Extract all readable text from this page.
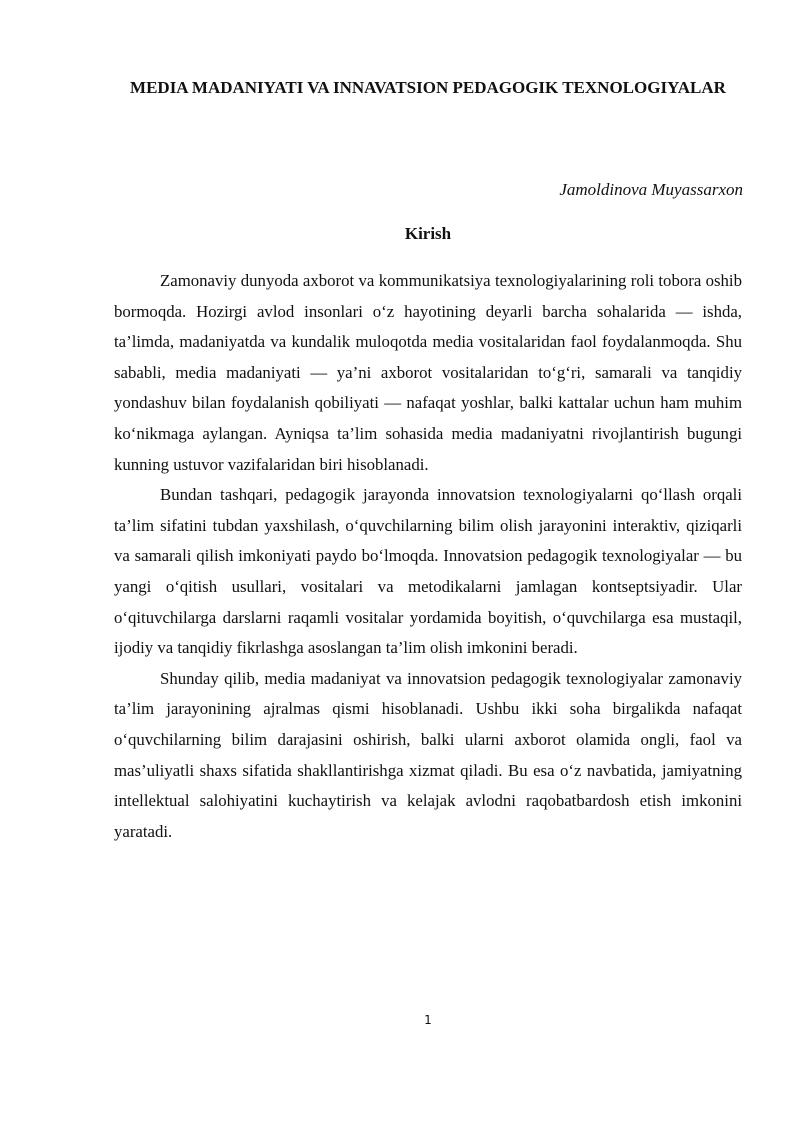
MEDIA MADANIYATI VA INNAVATSION PEDAGOGIK TEXNOLOGIYALAR

Jamoldinova Muyassarxon

Kirish

Zamonaviy dunyoda axborot va kommunikatsiya texnologiyalarining roli tobora oshib bormoqda. Hozirgi avlod insonlari o‘z hayotining deyarli barcha sohalarida — ishda, ta’limda, madaniyatda va kundalik muloqotda media vositalaridan faol foydalanmoqda. Shu sababli, media madaniyati — ya’ni axborot vositalaridan to‘g‘ri, samarali va tanqidiy yondashuv bilan foydalanish qobiliyati — nafaqat yoshlar, balki kattalar uchun ham muhim ko‘nikmaga aylangan. Ayniqsa ta’lim sohasida media madaniyatni rivojlantirish bugungi kunning ustuvor vazifalaridan biri hisoblanadi.

Bundan tashqari, pedagogik jarayonda innovatsion texnologiyalarni qo‘llash orqali ta’lim sifatini tubdan yaxshilash, o‘quvchilarning bilim olish jarayonini interaktiv, qiziqarli va samarali qilish imkoniyati paydo bo‘lmoqda. Innovatsion pedagogik texnologiyalar — bu yangi o‘qitish usullari, vositalari va metodikalarni jamlagan kontseptsiyadir. Ular o‘qituvchilarga darslarni raqamli vositalar yordamida boyitish, o‘quvchilarga esa mustaqil, ijodiy va tanqidiy fikrlashga asoslangan ta’lim olish imkonini beradi.

Shunday qilib, media madaniyat va innovatsion pedagogik texnologiyalar zamonaviy ta’lim jarayonining ajralmas qismi hisoblanadi. Ushbu ikki soha birgalikda nafaqat o‘quvchilarning bilim darajasini oshirish, balki ularni axborot olamida ongli, faol va mas’uliyatli shaxs sifatida shakllantirishga xizmat qiladi. Bu esa o‘z navbatida, jamiyatning intellektual salohiyatini kuchaytirish va kelajak avlodni raqobatbardosh etish imkonini yaratadi.

1
